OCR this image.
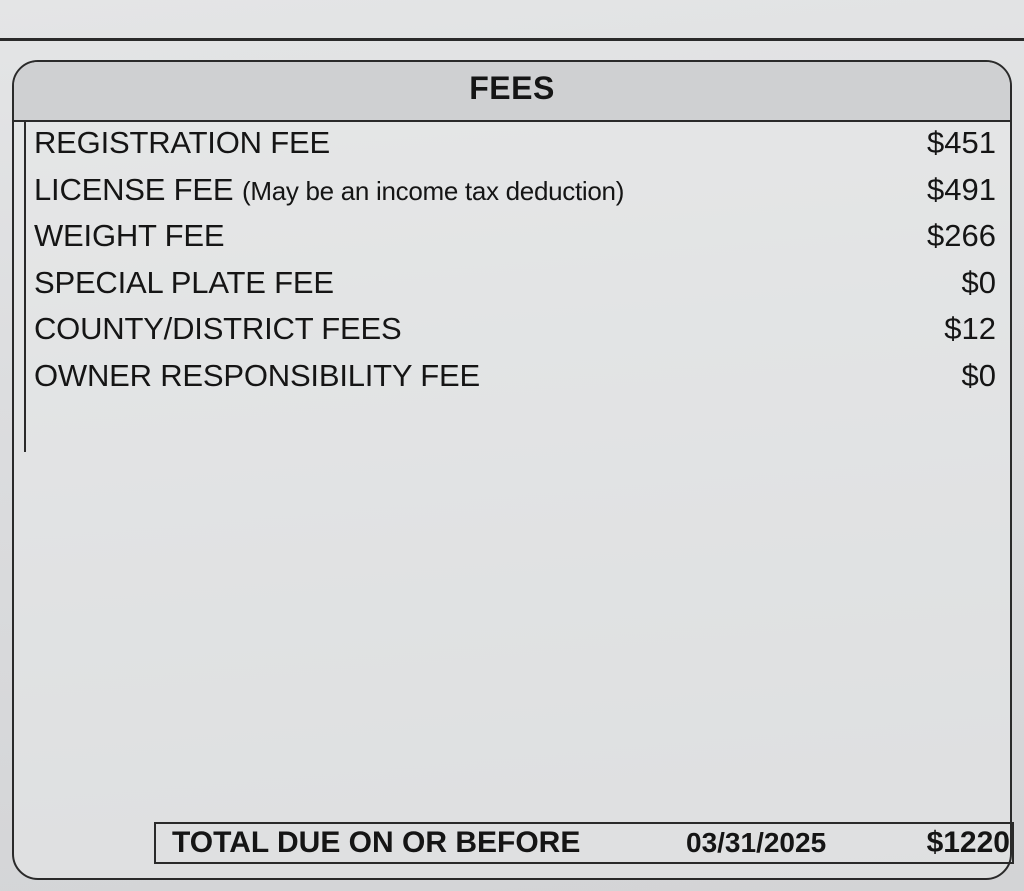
FEES
REGISTRATION FEE	$451
LICENSE FEE (May be an income tax deduction)	$491
WEIGHT FEE	$266
SPECIAL PLATE FEE	$0
COUNTY/DISTRICT FEES	$12
OWNER RESPONSIBILITY FEE	$0
TOTAL DUE ON OR BEFORE	03/31/2025	$1220
